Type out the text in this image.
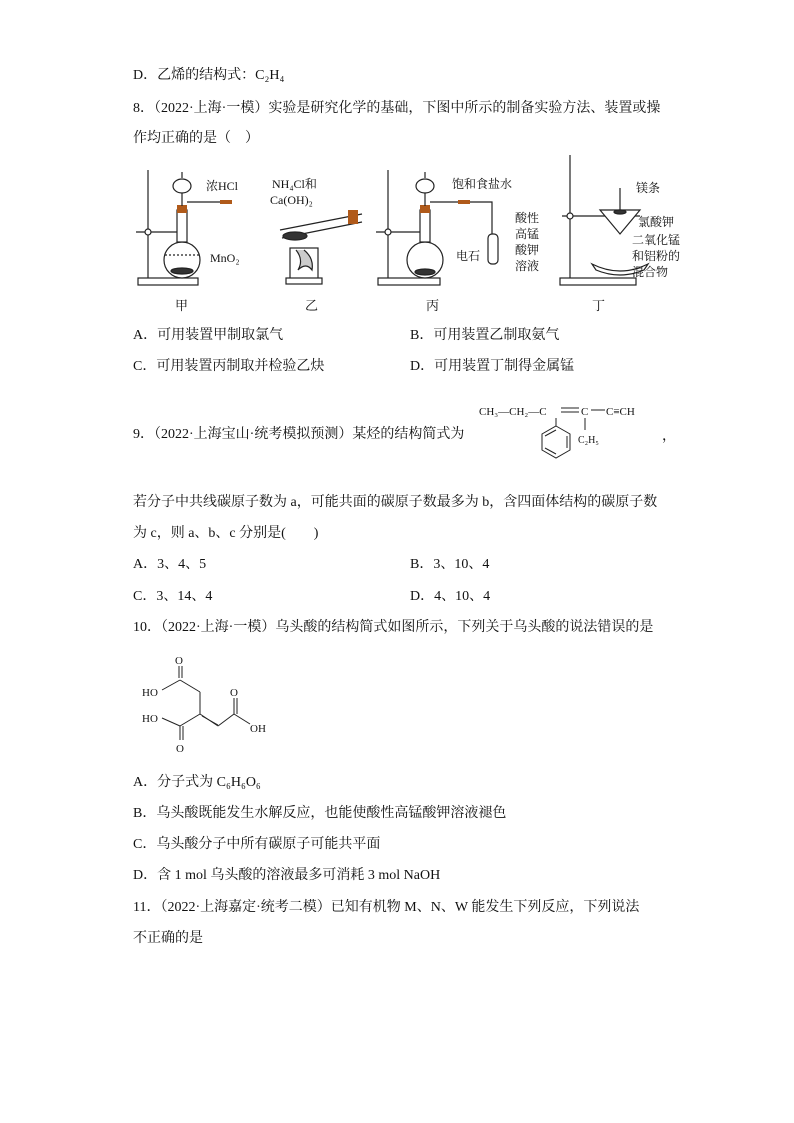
D．乙烯的结构式：C₂H₄
8．（2022·上海·一模）实验是研究化学的基础，下图中所示的制备实验方法、装置或操
作均正确的是（　）
浓HCl
MnO₂
NH₄Cl和
Ca(OH)₂
饱和食盐水
电石
酸性
高锰
酸钾
溶液
镁条
氯酸钾
二氧化锰
和铝粉的
混合物
甲	乙	丙	丁
A．可用装置甲制取氯气	B．可用装置乙制取氨气
C．可用装置丙制取并检验乙炔	D．可用装置丁制得金属锰
9．（2022·上海宝山·统考模拟预测）某烃的结构简式为
CH₃—CH₂—C	C C≡CH
C₂H₅	，
若分子中共线碳原子数为 a，可能共面的碳原子数最多为 b，含四面体结构的碳原子数
为 c，则 a、b、c 分别是(　　)
A．3、4、5	B．3、10、4
C．3、14、4	D．4、10、4
10．（2022·上海·一模）乌头酸的结构简式如图所示，下列关于乌头酸的说法错误的是
O
HO	O
HO
OH
O
A．分子式为 C₆H₆O₆
B．乌头酸既能发生水解反应，也能使酸性高锰酸钾溶液褪色
C．乌头酸分子中所有碳原子可能共平面
D．含 1 mol 乌头酸的溶液最多可消耗 3 mol NaOH
11．（2022·上海嘉定·统考二模）已知有机物 M、N、W 能发生下列反应，下列说法
不正确的是
